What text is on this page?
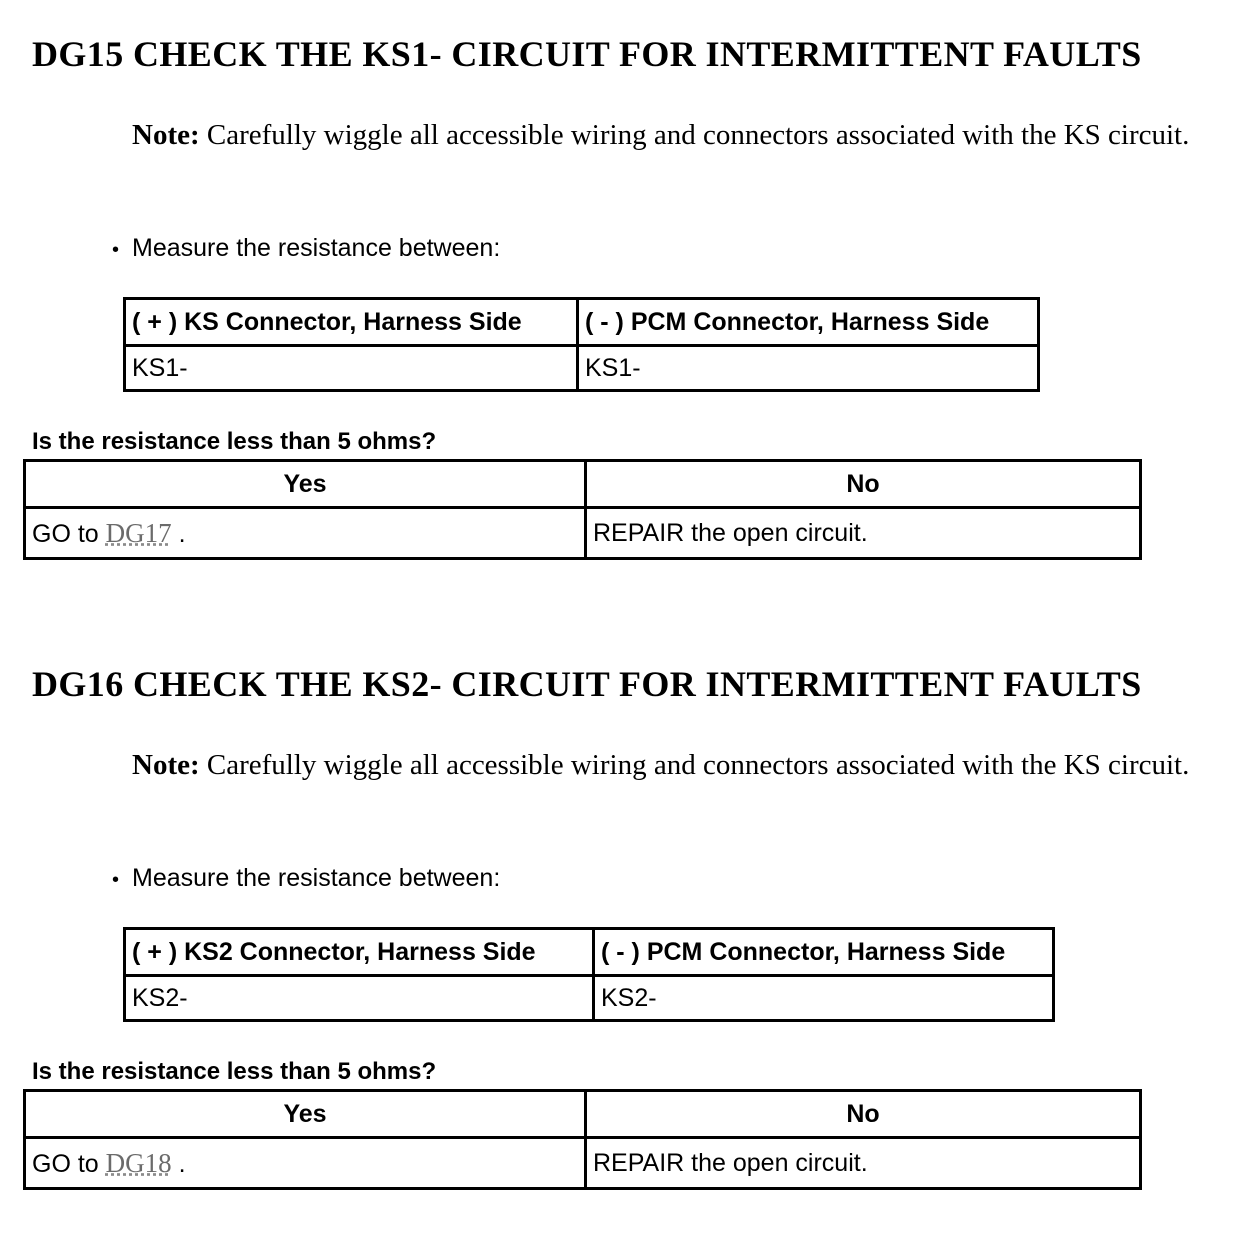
DG15 CHECK THE KS1- CIRCUIT FOR INTERMITTENT FAULTS

Note: Carefully wiggle all accessible wiring and connectors associated with the KS circuit.

• Measure the resistance between:

( + ) KS Connector, Harness Side	( - ) PCM Connector, Harness Side
KS1-	KS1-

Is the resistance less than 5 ohms?

Yes	No
GO to DG17 .	REPAIR the open circuit.
DG16 CHECK THE KS2- CIRCUIT FOR INTERMITTENT FAULTS

Note: Carefully wiggle all accessible wiring and connectors associated with the KS circuit.

• Measure the resistance between:

( + ) KS2 Connector, Harness Side	( - ) PCM Connector, Harness Side
KS2-	KS2-

Is the resistance less than 5 ohms?

Yes	No
GO to DG18 .	REPAIR the open circuit.
